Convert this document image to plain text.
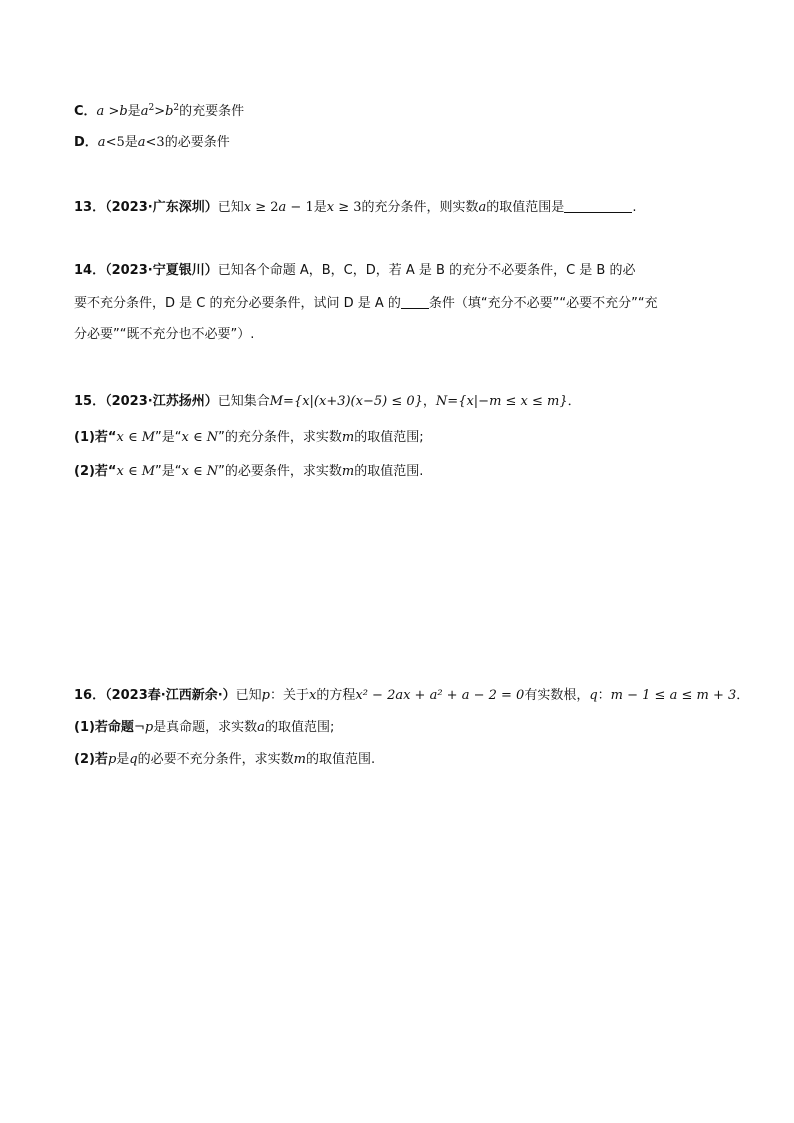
C．a >b是$a^2>b^2$的充要条件
D．a<5是a<3的必要条件
13．（2023·广东深圳）已知x ≥ 2a − 1是x ≥ 3的充分条件，则实数a的取值范围是	.
14．（2023·宁夏银川）已知各个命题 A，B，C，D，若 A 是 B 的充分不必要条件，C 是 B 的必
要不充分条件，D 是 C 的充分必要条件，试问 D 是 A 的 条件（填“充分不必要”“必要不充分”“充
分必要”“既不充分也不必要”）.
15．（2023·江苏扬州）已知集合M={x|(x+3)(x−5) ≤ 0}，N={x|−m ≤ x ≤ m}．
(1)若“x ∈ M”是“x ∈ N”的充分条件，求实数m的取值范围;
(2)若“x ∈ M”是“x ∈ N”的必要条件，求实数m的取值范围.
16．（2023春·江西新余·）已知p：关于x的方程x² − 2ax + a² + a − 2 = 0有实数根，q：m − 1 ≤ a ≤ m + 3．
(1)若命题¬p是真命题，求实数a的取值范围;
(2)若p是q的必要不充分条件，求实数m的取值范围.
